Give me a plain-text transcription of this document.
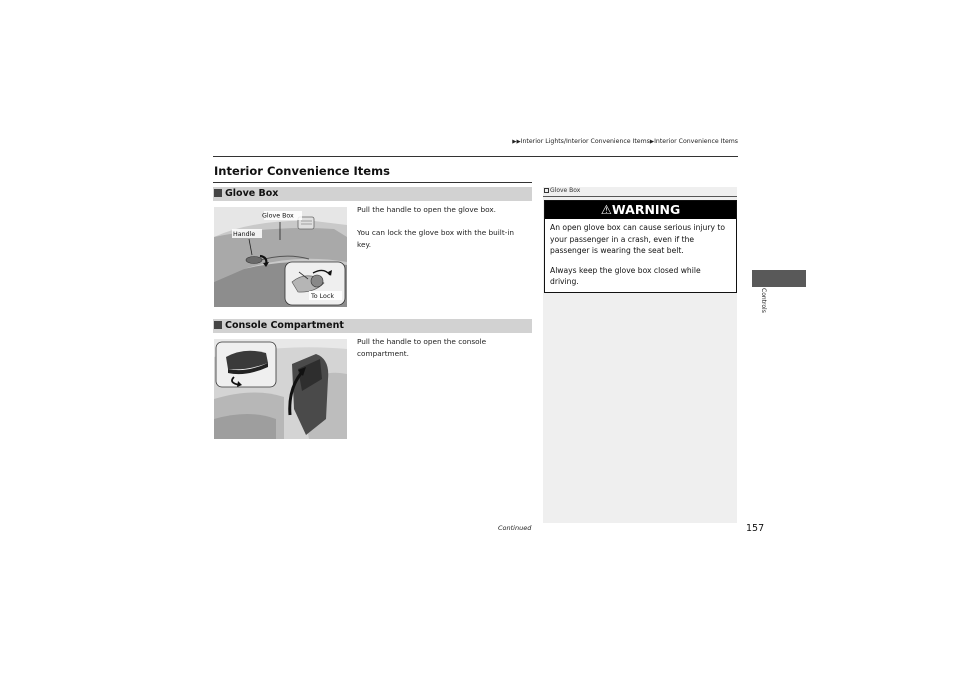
▶▶Interior Lights/Interior Convenience Items▶Interior Convenience Items
Interior Convenience Items
Glove Box
Glove Box
Handle
To Lock
Pull the handle to open the glove box.
You can lock the glove box with the built-in key.
Console Compartment
Pull the handle to open the console compartment.
Glove Box
⚠WARNING

An open glove box can cause serious injury to your passenger in a crash, even if the passenger is wearing the seat belt.

Always keep the glove box closed while driving.

Controls
Continued	157
